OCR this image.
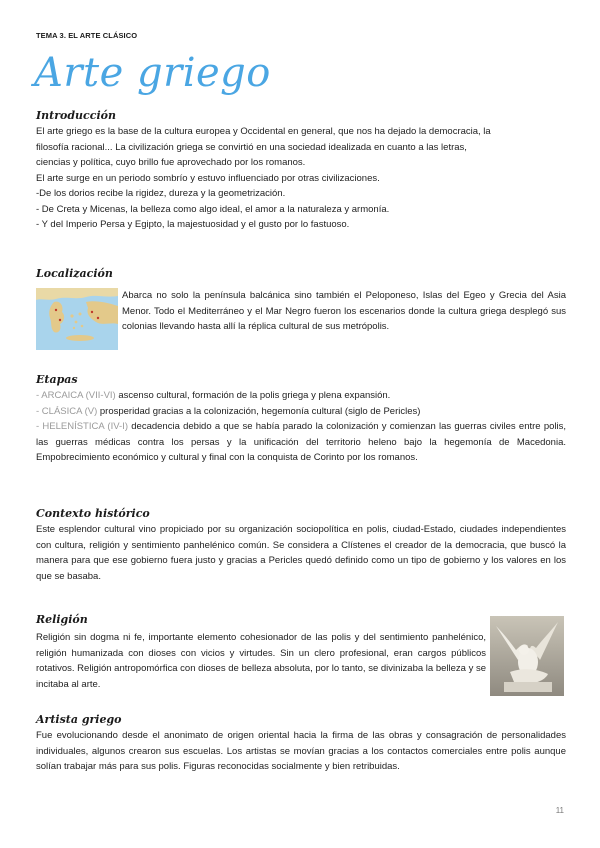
TEMA 3. EL ARTE CLÁSICO
Arte griego
Introducción

El arte griego es la base de la cultura europea y Occidental en general, que nos ha dejado la democracia, la

filosofía racional... La civilización griega se convirtió en una sociedad idealizada en cuanto a las letras,

ciencias y política, cuyo brillo fue aprovechado por los romanos.

El arte surge en un periodo sombrío y estuvo influenciado por otras civilizaciones.

-De los dorios recibe la rigidez, dureza y la geometrización.

- De Creta y Micenas, la belleza como algo ideal, el amor a la naturaleza y armonía.

- Y del Imperio Persa y Egipto, la majestuosidad y el gusto por lo fastuoso.

Localización

Abarca no solo la península balcánica sino también el Peloponeso, Islas del Egeo y Grecia del Asia Menor. Todo el Mediterráneo y el Mar Negro fueron los escenarios donde la cultura griega desplegó sus colonias llevando hasta allí la réplica cultural de sus metrópolis.

Etapas

- ARCAICA (VII-VI) ascenso cultural, formación de la polis griega y plena expansión.

- CLÁSICA (V) prosperidad gracias a la colonización, hegemonía cultural (siglo de Pericles)

- HELENÍSTICA (IV-I) decadencia debido a que se había parado la colonización y comienzan las guerras civiles entre polis, las guerras médicas contra los persas y la unificación del territorio heleno bajo la hegemonía de Macedonia. Empobrecimiento económico y cultural y final con la conquista de Corinto por los romanos.

Contexto histórico

Este esplendor cultural vino propiciado por su organización sociopolítica en polis, ciudad-Estado, ciudades independientes con cultura, religión y sentimiento panhelénico común. Se considera a Clístenes el creador de la democracia, que buscó la manera para que ese gobierno fuera justo y gracias a Pericles quedó definido como un tipo de gobierno y los valores en los que se basaba.

Religión

Religión sin dogma ni fe, importante elemento cohesionador de las polis y del sentimiento panhelénico, religión humanizada con dioses con vicios y virtudes. Sin un clero profesional, eran cargos públicos rotativos. Religión antropomórfica con dioses de belleza absoluta, por lo tanto, se divinizaba la belleza y se incitaba al arte.

Artista griego

Fue evolucionando desde el anonimato de origen oriental hacia la firma de las obras y consagración de personalidades individuales, algunos crearon sus escuelas. Los artistas se movían gracias a los contactos comerciales entre polis aunque solían trabajar más para sus polis. Figuras reconocidas socialmente y bien retribuidas.

11
